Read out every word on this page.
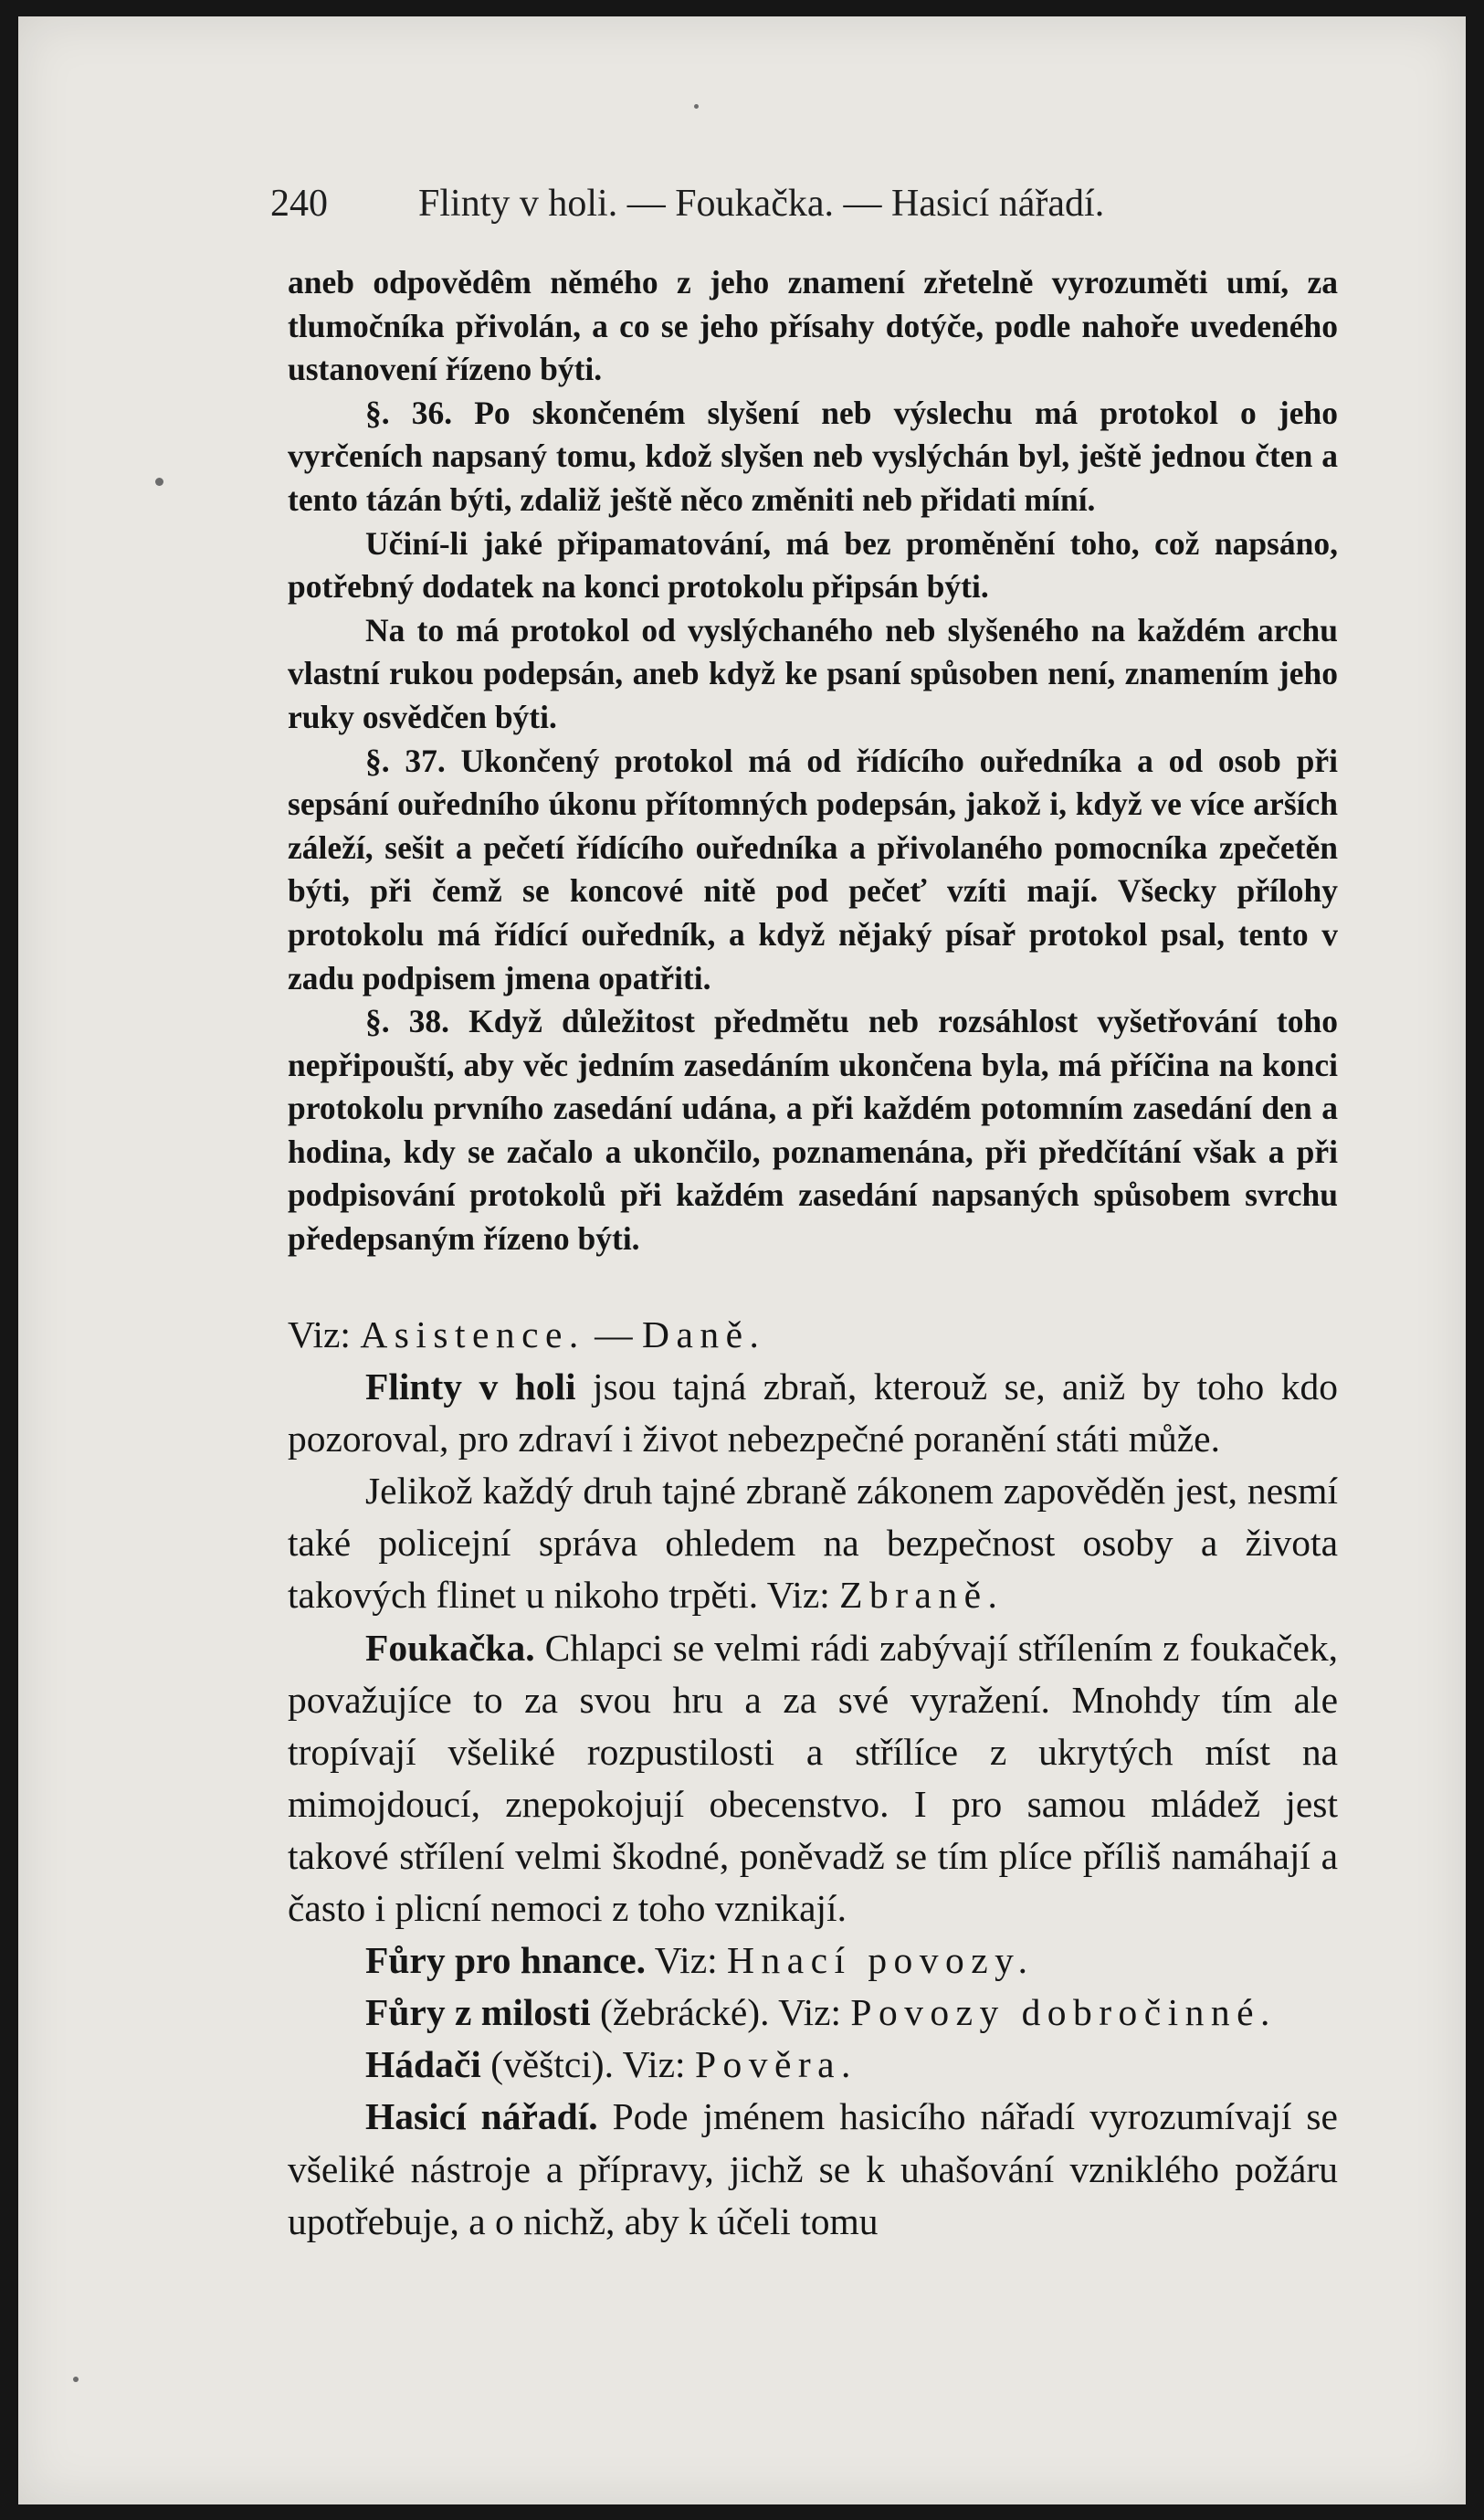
240 Flinty v holi. — Foukačka. — Hasicí nářadí.

aneb odpovědêm němého z jeho znamení zřetelně vyrozuměti umí, za tlumočníka přivolán, a co se jeho přísahy dotýče, podle nahoře uvedeného ustanovení řízeno býti.

§. 36. Po skončeném slyšení neb výslechu má protokol o jeho vyrčeních napsaný tomu, kdož slyšen neb vyslýchán byl, ještě jednou čten a tento tázán býti, zdaliž ještě něco změniti neb přidati míní.

Učiní-li jaké připamatování, má bez proměnění toho, což napsáno, potřebný dodatek na konci protokolu připsán býti.

Na to má protokol od vyslýchaného neb slyšeného na každém archu vlastní rukou podepsán, aneb když ke psaní spůsoben není, znamením jeho ruky osvědčen býti.

§. 37. Ukončený protokol má od řídícího ouředníka a od osob při sepsání ouředního úkonu přítomných podepsán, jakož i, když ve více arších záleží, sešit a pečetí řídícího ouředníka a přivolaného pomocníka zpečetěn býti, při čemž se koncové nitě pod pečeť vzíti mají. Všecky přílohy protokolu má řídící ouředník, a když nějaký písař protokol psal, tento v zadu podpisem jmena opatřiti.

§. 38. Když důležitost předmětu neb rozsáhlost vyšetřování toho nepřipouští, aby věc jedním zasedáním ukončena byla, má příčina na konci protokolu prvního zasedání udána, a při každém potomním zasedání den a hodina, kdy se začalo a ukončilo, poznamenána, při předčítání však a při podpisování protokolů při každém zasedání napsaných spůsobem svrchu předepsaným řízeno býti.

Viz: Asistence. — Daně.

Flinty v holi jsou tajná zbraň, kterouž se, aniž by toho kdo pozoroval, pro zdraví i život nebezpečné poranění státi může.

Jelikož každý druh tajné zbraně zákonem zapověděn jest, nesmí také policejní správa ohledem na bezpečnost osoby a života takových flinet u nikoho trpěti. Viz: Zbraně.

Foukačka. Chlapci se velmi rádi zabývají střílením z foukaček, považujíce to za svou hru a za své vyražení. Mnohdy tím ale tropívají všeliké rozpustilosti a střílíce z ukrytých míst na mimojdoucí, znepokojují obecenstvo. I pro samou mládež jest takové střílení velmi škodné, poněvadž se tím plíce příliš namáhají a často i plicní nemoci z toho vznikají.

Fůry pro hnance. Viz: Hnací povozy.

Fůry z milosti (žebrácké). Viz: Povozy dobročinné.

Hádači (věštci). Viz: Pověra.

Hasicí nářadí. Pode jménem hasicího nářadí vyrozumívají se všeliké nástroje a přípravy, jichž se k uhašování vzniklého požáru upotřebuje, a o nichž, aby k účeli tomu
